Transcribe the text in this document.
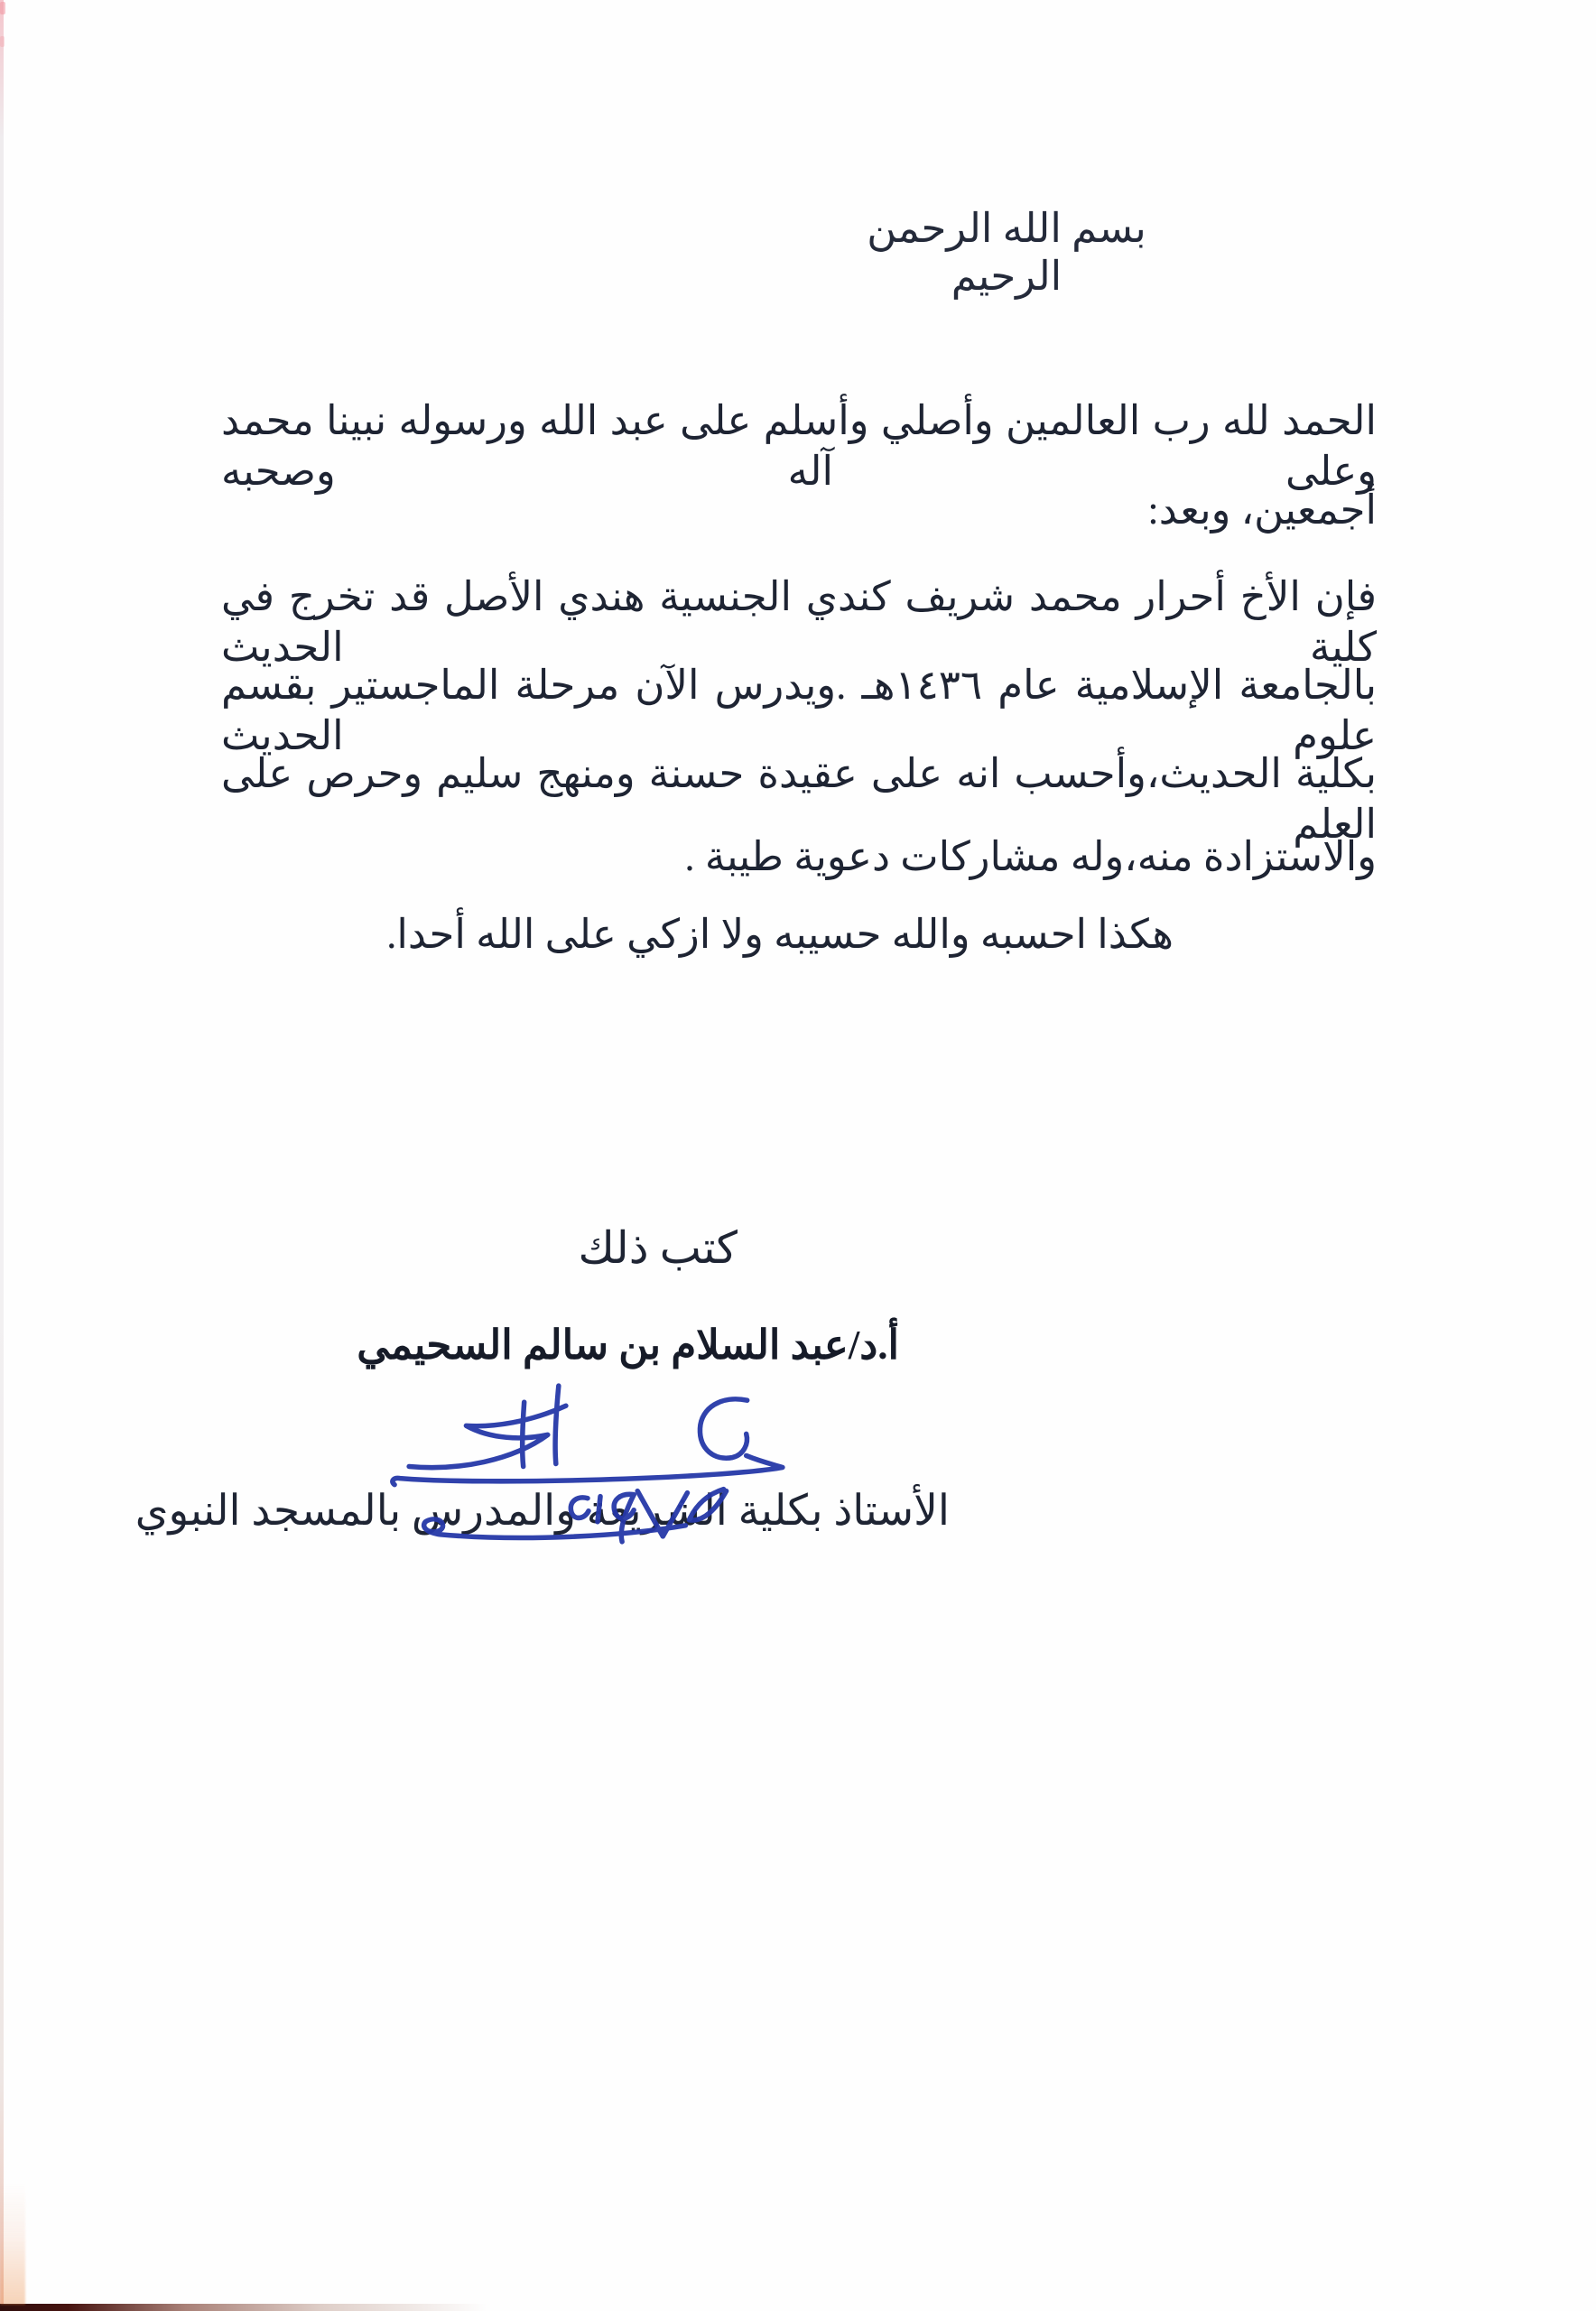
بسم الله الرحمن الرحيم
الحمد لله رب العالمين وأصلي وأسلم على عبد الله ورسوله نبينا محمد وعلى آله وصحبه
أجمعين، وبعد:
فإن الأخ أحرار محمد شريف كندي الجنسية هندي الأصل قد تخرج في كلية الحديث
بالجامعة الإسلامية عام ١٤٣٦هـ .ويدرس الآن مرحلة الماجستير بقسم علوم الحديث
بكلية الحديث،وأحسب انه على عقيدة حسنة ومنهج سليم وحرص على العلم
والاستزادة منه،وله مشاركات دعوية طيبة .
هكذا احسبه والله حسيبه ولا ازكي على الله أحدا.
كتب ذلك
أ.د/عبد السلام بن سالم السحيمي
الأستاذ بكلية الشريعة والمدرس بالمسجد النبوي
